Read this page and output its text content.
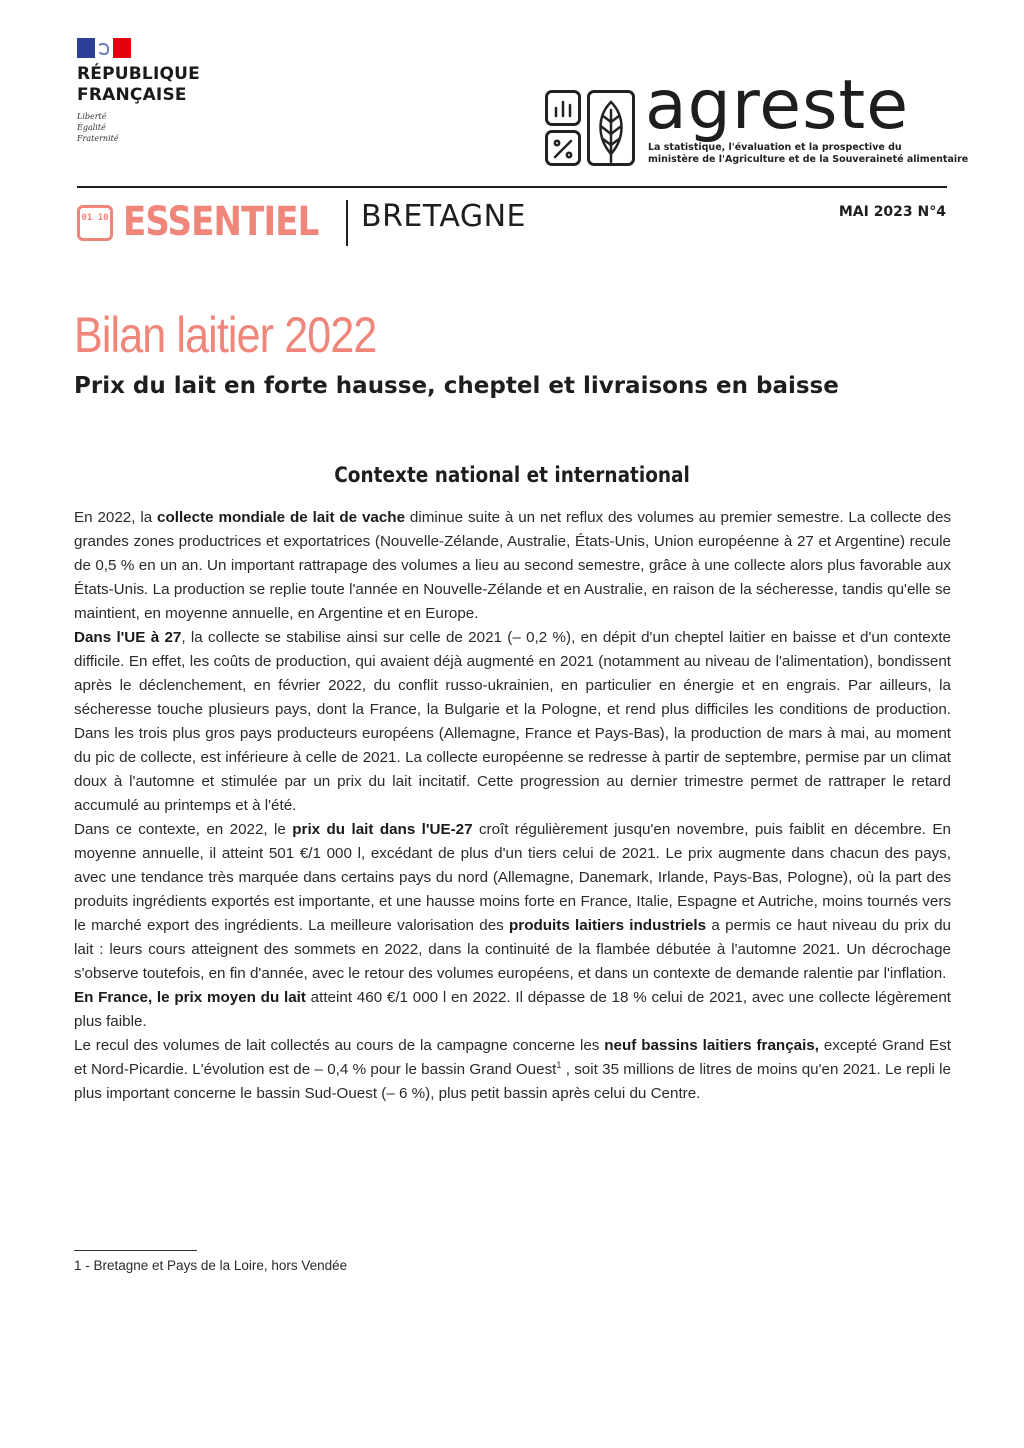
RÉPUBLIQUE
FRANÇAISE
Liberté
Égalité
Fraternité	agreste
La statistique, l'évaluation et la prospective du
ministère de l'Agriculture et de la Souveraineté alimentaire
01 10 ESSENTIEL BRETAGNE	MAI 2023 N°4
Bilan laitier 2022
Prix du lait en forte hausse, cheptel et livraisons en baisse
Contexte national et international

En 2022, la collecte mondiale de lait de vache diminue suite à un net reflux des volumes au premier semestre. La collecte des grandes zones productrices et exportatrices (Nouvelle-Zélande, Australie, États-Unis, Union européenne à 27 et Argentine) recule de 0,5 % en un an. Un important rattrapage des volumes a lieu au second semestre, grâce à une collecte alors plus favorable aux États-Unis. La production se replie toute l'année en Nouvelle-Zélande et en Australie, en raison de la sécheresse, tandis qu'elle se maintient, en moyenne annuelle, en Argentine et en Europe.

Dans l'UE à 27, la collecte se stabilise ainsi sur celle de 2021 (– 0,2 %), en dépit d'un cheptel laitier en baisse et d'un contexte difficile. En effet, les coûts de production, qui avaient déjà augmenté en 2021 (notamment au niveau de l'alimentation), bondissent après le déclenchement, en février 2022, du conflit russo-ukrainien, en particulier en énergie et en engrais. Par ailleurs, la sécheresse touche plusieurs pays, dont la France, la Bulgarie et la Pologne, et rend plus difficiles les conditions de production. Dans les trois plus gros pays producteurs européens (Allemagne, France et Pays-Bas), la production de mars à mai, au moment du pic de collecte, est inférieure à celle de 2021. La collecte européenne se redresse à partir de septembre, permise par un climat doux à l'automne et stimulée par un prix du lait incitatif. Cette progression au dernier trimestre permet de rattraper le retard accumulé au printemps et à l'été.

Dans ce contexte, en 2022, le prix du lait dans l'UE-27 croît régulièrement jusqu'en novembre, puis faiblit en décembre. En moyenne annuelle, il atteint 501 €/1 000 l, excédant de plus d'un tiers celui de 2021. Le prix augmente dans chacun des pays, avec une tendance très marquée dans certains pays du nord (Allemagne, Danemark, Irlande, Pays-Bas, Pologne), où la part des produits ingrédients exportés est importante, et une hausse moins forte en France, Italie, Espagne et Autriche, moins tournés vers le marché export des ingrédients. La meilleure valorisation des produits laitiers industriels a permis ce haut niveau du prix du lait : leurs cours atteignent des sommets en 2022, dans la continuité de la flambée débutée à l'automne 2021. Un décrochage s'observe toutefois, en fin d'année, avec le retour des volumes européens, et dans un contexte de demande ralentie par l'inflation.

En France, le prix moyen du lait atteint 460 €/1 000 l en 2022. Il dépasse de 18 % celui de 2021, avec une collecte légèrement plus faible.

Le recul des volumes de lait collectés au cours de la campagne concerne les neuf bassins laitiers français, excepté Grand Est et Nord-Picardie. L'évolution est de – 0,4 % pour le bassin Grand Ouest$^1$ , soit 35 millions de litres de moins qu'en 2021. Le repli le plus important concerne le bassin Sud-Ouest (– 6 %), plus petit bassin après celui du Centre.

1 - Bretagne et Pays de la Loire, hors Vendée
